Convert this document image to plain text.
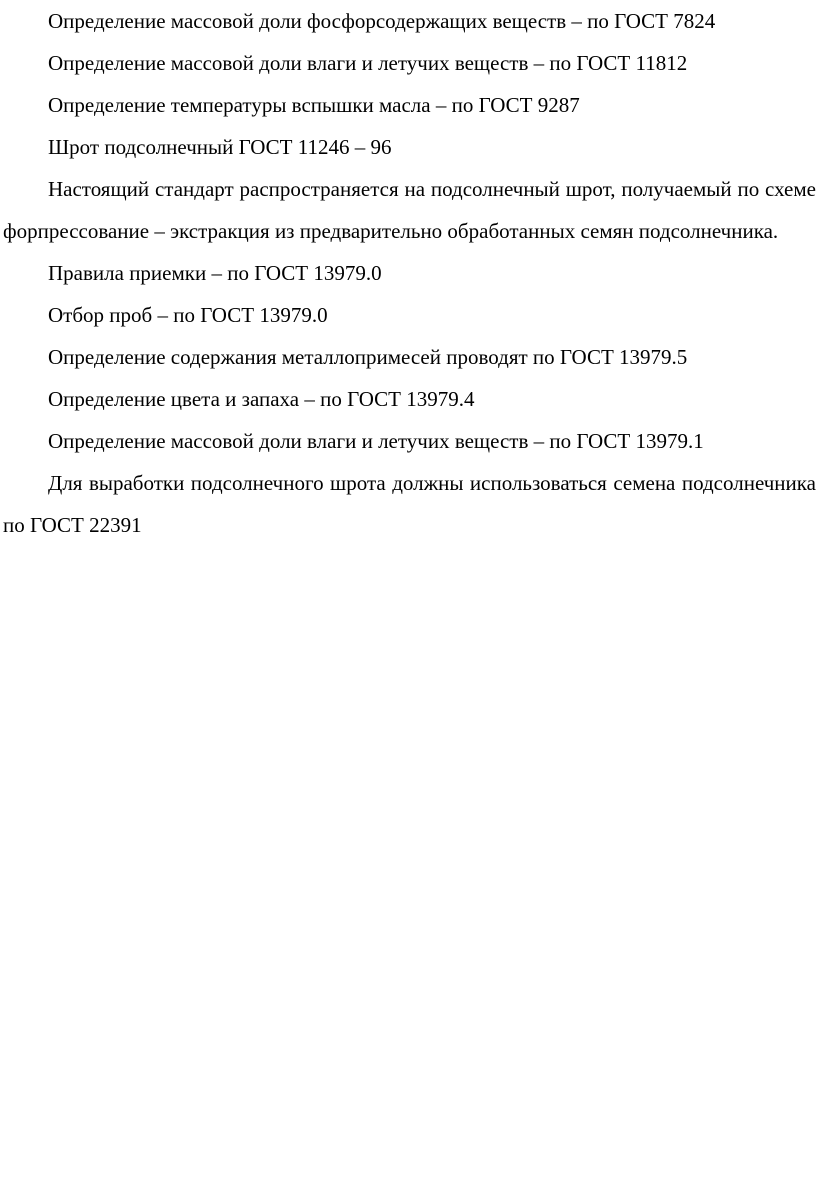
Определение массовой доли фосфорсодержащих веществ – по ГОСТ 7824

Определение массовой доли влаги и летучих веществ – по ГОСТ 11812

Определение температуры вспышки масла – по ГОСТ 9287

Шрот подсолнечный ГОСТ 11246 – 96

Настоящий стандарт распространяется на подсолнечный шрот, получаемый по схеме форпрессование – экстракция из предварительно обработанных семян подсолнечника.

Правила приемки – по ГОСТ 13979.0

Отбор проб – по ГОСТ 13979.0

Определение содержания металлопримесей проводят по ГОСТ 13979.5

Определение цвета и запаха – по ГОСТ 13979.4

Определение массовой доли влаги и летучих веществ – по ГОСТ 13979.1

Для выработки подсолнечного шрота должны использоваться семена подсолнечника по ГОСТ 22391
